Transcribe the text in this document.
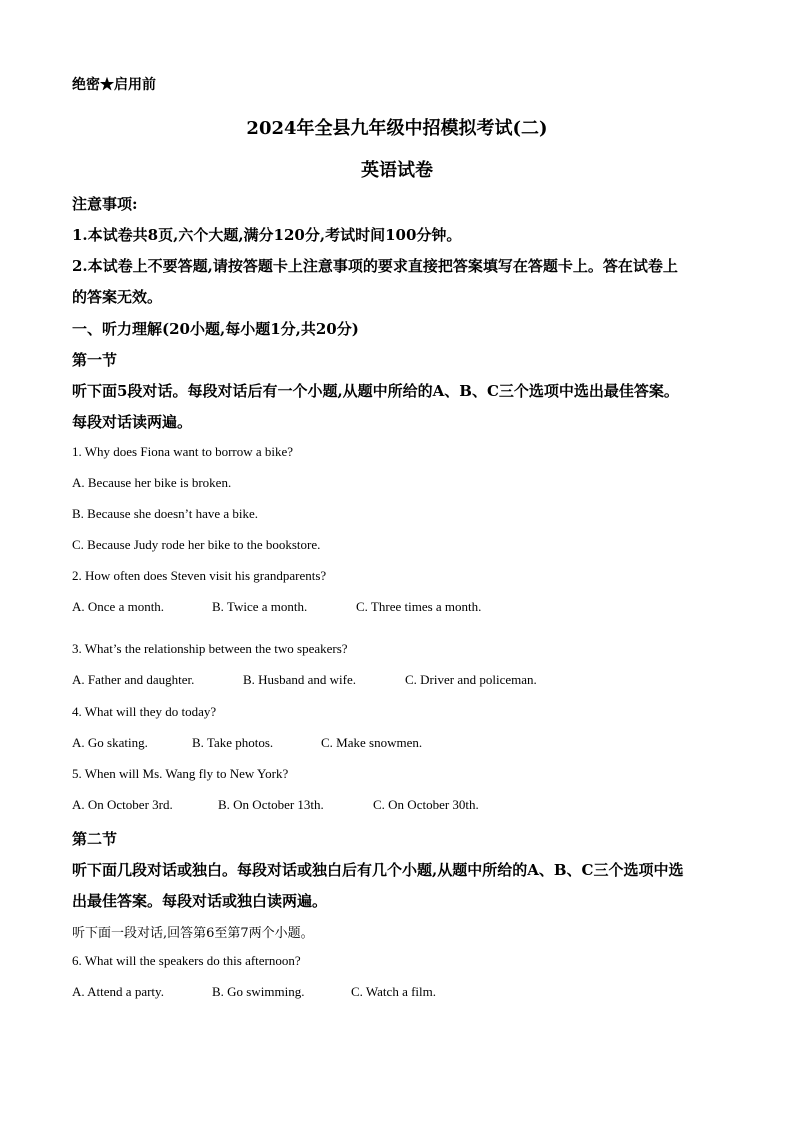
绝密★启用前
2024年全县九年级中招模拟考试(二)
英语试卷
注意事项:
1.本试卷共8页,六个大题,满分120分,考试时间100分钟。
2.本试卷上不要答题,请按答题卡上注意事项的要求直接把答案填写在答题卡上。答在试卷上
的答案无效。
一、听力理解(20小题,每小题1分,共20分)
第一节
听下面5段对话。每段对话后有一个小题,从题中所给的A、B、C三个选项中选出最佳答案。
每段对话读两遍。
1. Why does Fiona want to borrow a bike?
A. Because her bike is broken.
B. Because she doesn’t have a bike.
C. Because Judy rode her bike to the bookstore.
2. How often does Steven visit his grandparents?
A. Once a month.	B. Twice a month.	C. Three times a month.
3. What’s the relationship between the two speakers?
A. Father and daughter.	B. Husband and wife.	C. Driver and policeman.
4. What will they do today?
A. Go skating.	B. Take photos.	C. Make snowmen.
5. When will Ms. Wang fly to New York?
A. On October 3rd.	B. On October 13th.	C. On October 30th.
第二节
听下面几段对话或独白。每段对话或独白后有几个小题,从题中所给的A、B、C三个选项中选
出最佳答案。每段对话或独白读两遍。
听下面一段对话,回答第6至第7两个小题。
6. What will the speakers do this afternoon?
A. Attend a party.	B. Go swimming.	C. Watch a film.
